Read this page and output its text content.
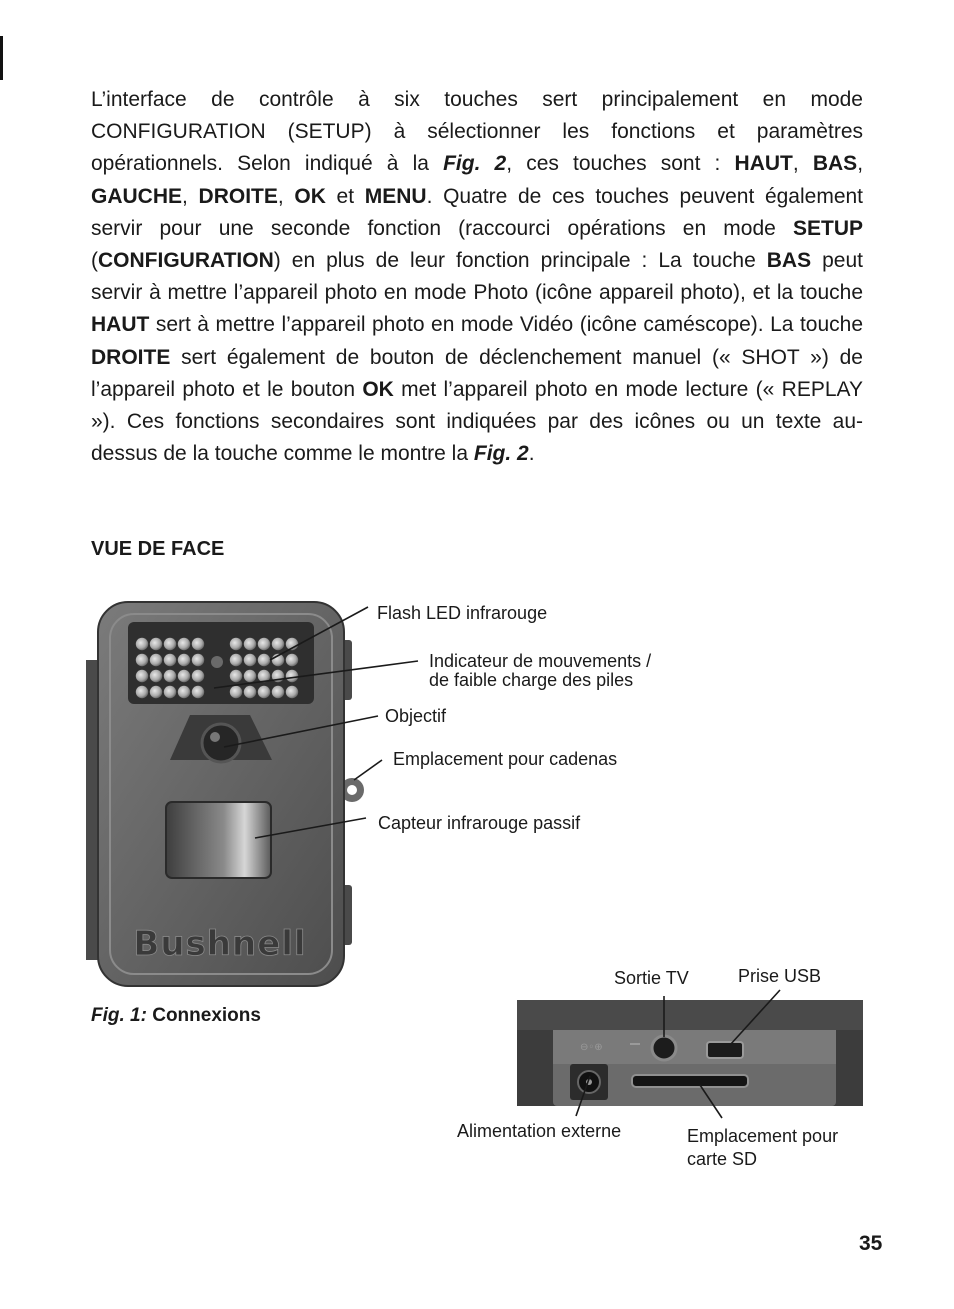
L’interface de contrôle à six touches sert principalement en mode CONFIGURATION (SETUP) à sélectionner les fonctions et paramètres opérationnels. Selon indiqué à la Fig. 2, ces touches sont : HAUT, BAS, GAUCHE, DROITE, OK et MENU. Quatre de ces touches peuvent également servir pour une seconde fonction (raccourci opérations en mode SETUP (CONFIGURATION) en plus de leur fonction principale : La touche BAS peut servir à mettre l’appareil photo en mode Photo (icône appareil photo), et la touche HAUT sert à mettre l’appareil photo en mode Vidéo (icône caméscope). La touche DROITE sert également de bouton de déclenchement manuel (« SHOT ») de l’appareil photo et le bouton OK met l’appareil photo en mode lecture (« REPLAY »). Ces fonctions secondaires sont indiquées par des icônes ou un texte au-dessus de la touche comme le montre la Fig. 2.

VUE DE FACE
Bushnell
⊖◦⊕
Flash LED infrarouge
Indicateur de mouvements /
de faible charge des piles
Objectif
Emplacement pour cadenas
Capteur infrarouge passif
Fig. 1: Connexions
Sortie TV	Prise USB
Alimentation externe	Emplacement pour
carte SD
35
